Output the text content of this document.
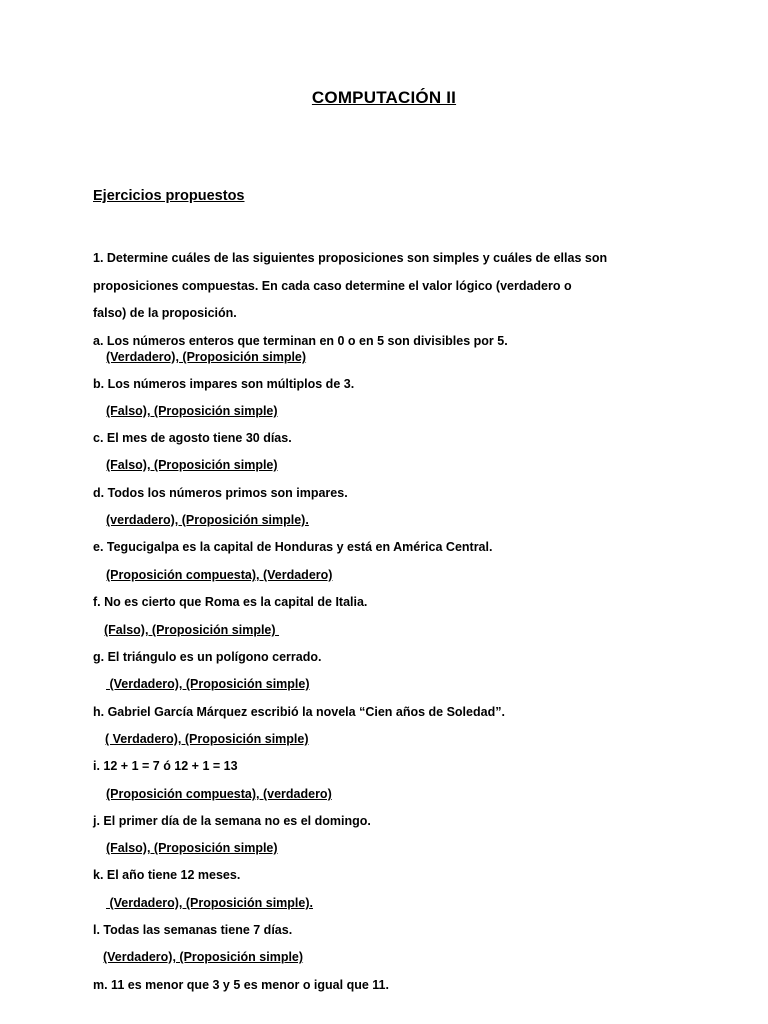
COMPUTACIÓN II
Ejercicios propuestos
1. Determine cuáles de las siguientes proposiciones son simples y cuáles de ellas son
proposiciones compuestas. En cada caso determine el valor lógico (verdadero o
falso) de la proposición.
a. Los números enteros que terminan en 0 o en 5 son divisibles por 5.
(Verdadero), (Proposición simple)
b. Los números impares son múltiplos de 3.
(Falso), (Proposición simple)
c. El mes de agosto tiene 30 días.
(Falso), (Proposición simple)
d. Todos los números primos son impares.
(verdadero), (Proposición simple).
e. Tegucigalpa es la capital de Honduras y está en América Central.
(Proposición compuesta), (Verdadero)
f. No es cierto que Roma es la capital de Italia.
(Falso), (Proposición simple)
g. El triángulo es un polígono cerrado.
(Verdadero), (Proposición simple)
h. Gabriel García Márquez escribió la novela “Cien años de Soledad”.
( Verdadero), (Proposición simple)
i. 12 + 1 = 7 ó 12 + 1 = 13
(Proposición compuesta), (verdadero)
j. El primer día de la semana no es el domingo.
(Falso), (Proposición simple)
k. El año tiene 12 meses.
(Verdadero), (Proposición simple).
l. Todas las semanas tiene 7 días.
(Verdadero), (Proposición simple)
m. 11 es menor que 3 y 5 es menor o igual que 11.
